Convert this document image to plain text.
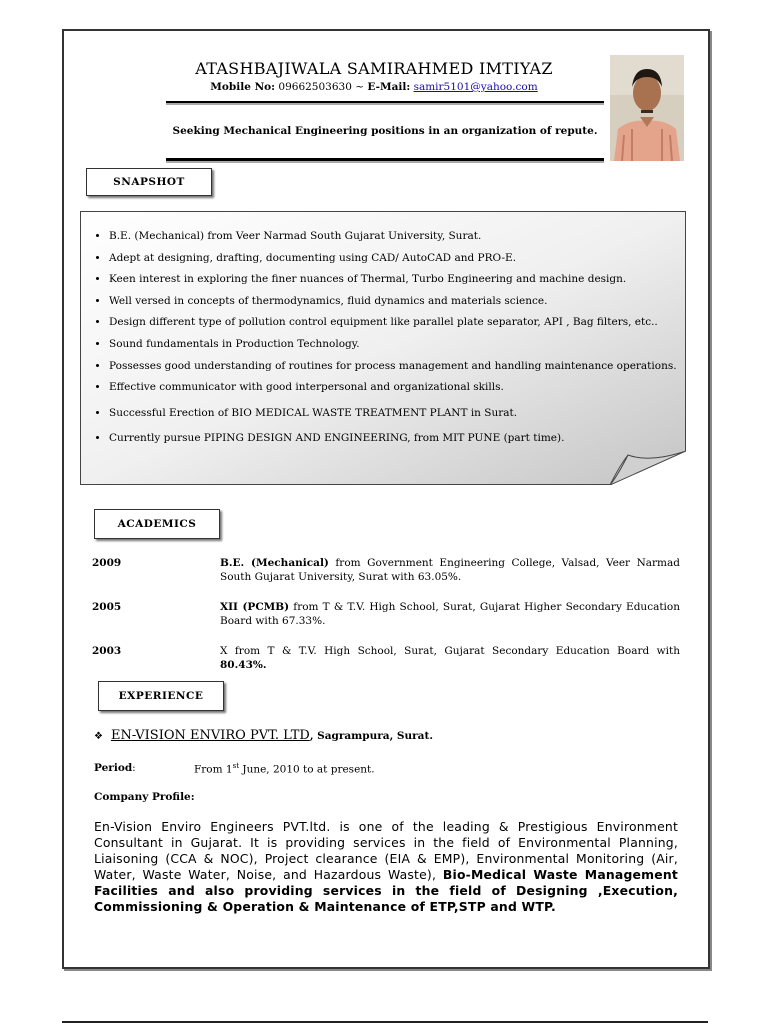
ATASHBAJIWALA SAMIRAHMED IMTIYAZ
Mobile No: 09662503630 ~ E-Mail: samir5101@yahoo.com
Seeking Mechanical Engineering positions in an organization of repute.
SNAPSHOT
• B.E. (Mechanical) from Veer Narmad South Gujarat University, Surat.
• Adept at designing, drafting, documenting using CAD/ AutoCAD and PRO-E.
• Keen interest in exploring the finer nuances of Thermal, Turbo Engineering and machine design.
• Well versed in concepts of thermodynamics, fluid dynamics and materials science.
• Design different type of pollution control equipment like parallel plate separator, API , Bag filters, etc..
• Sound fundamentals in Production Technology.
• Possesses good understanding of routines for process management and handling maintenance operations.
• Effective communicator with good interpersonal and organizational skills.
• Successful Erection of BIO MEDICAL WASTE TREATMENT PLANT in Surat.
• Currently pursue PIPING DESIGN AND ENGINEERING, from MIT PUNE (part time).
ACADEMICS
2009	B.E. (Mechanical) from Government Engineering College, Valsad, Veer Narmad South Gujarat University, Surat with 63.05%.
2005	XII (PCMB) from T & T.V. High School, Surat, Gujarat Higher Secondary Education Board with 67.33%.
2003	X from T & T.V. High School, Surat, Gujarat Secondary Education Board with 80.43%.
EXPERIENCE
❖ EN-VISION ENVIRO PVT. LTD, Sagrampura, Surat.
Period:	From 1st June, 2010 to at present.
Company Profile:
En-Vision Enviro Engineers PVT.ltd. is one of the leading & Prestigious Environment Consultant in Gujarat. It is providing services in the field of Environmental Planning, Liaisoning (CCA & NOC), Project clearance (EIA & EMP), Environmental Monitoring (Air, Water, Waste Water, Noise, and Hazardous Waste), Bio-Medical Waste Management Facilities and also providing services in the field of Designing ,Execution, Commissioning & Operation & Maintenance of ETP,STP and WTP.
